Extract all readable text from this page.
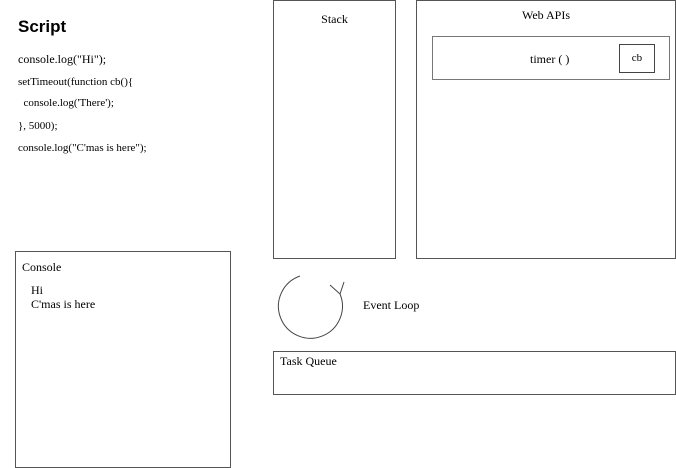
Script
console.log("Hi");
setTimeout(function cb(){
console.log('There');
}, 5000);
console.log("C'mas is here");
Stack	Web APIs
timer ( )	cb
Console
Hi
C'mas is here	Event Loop
Task Queue
